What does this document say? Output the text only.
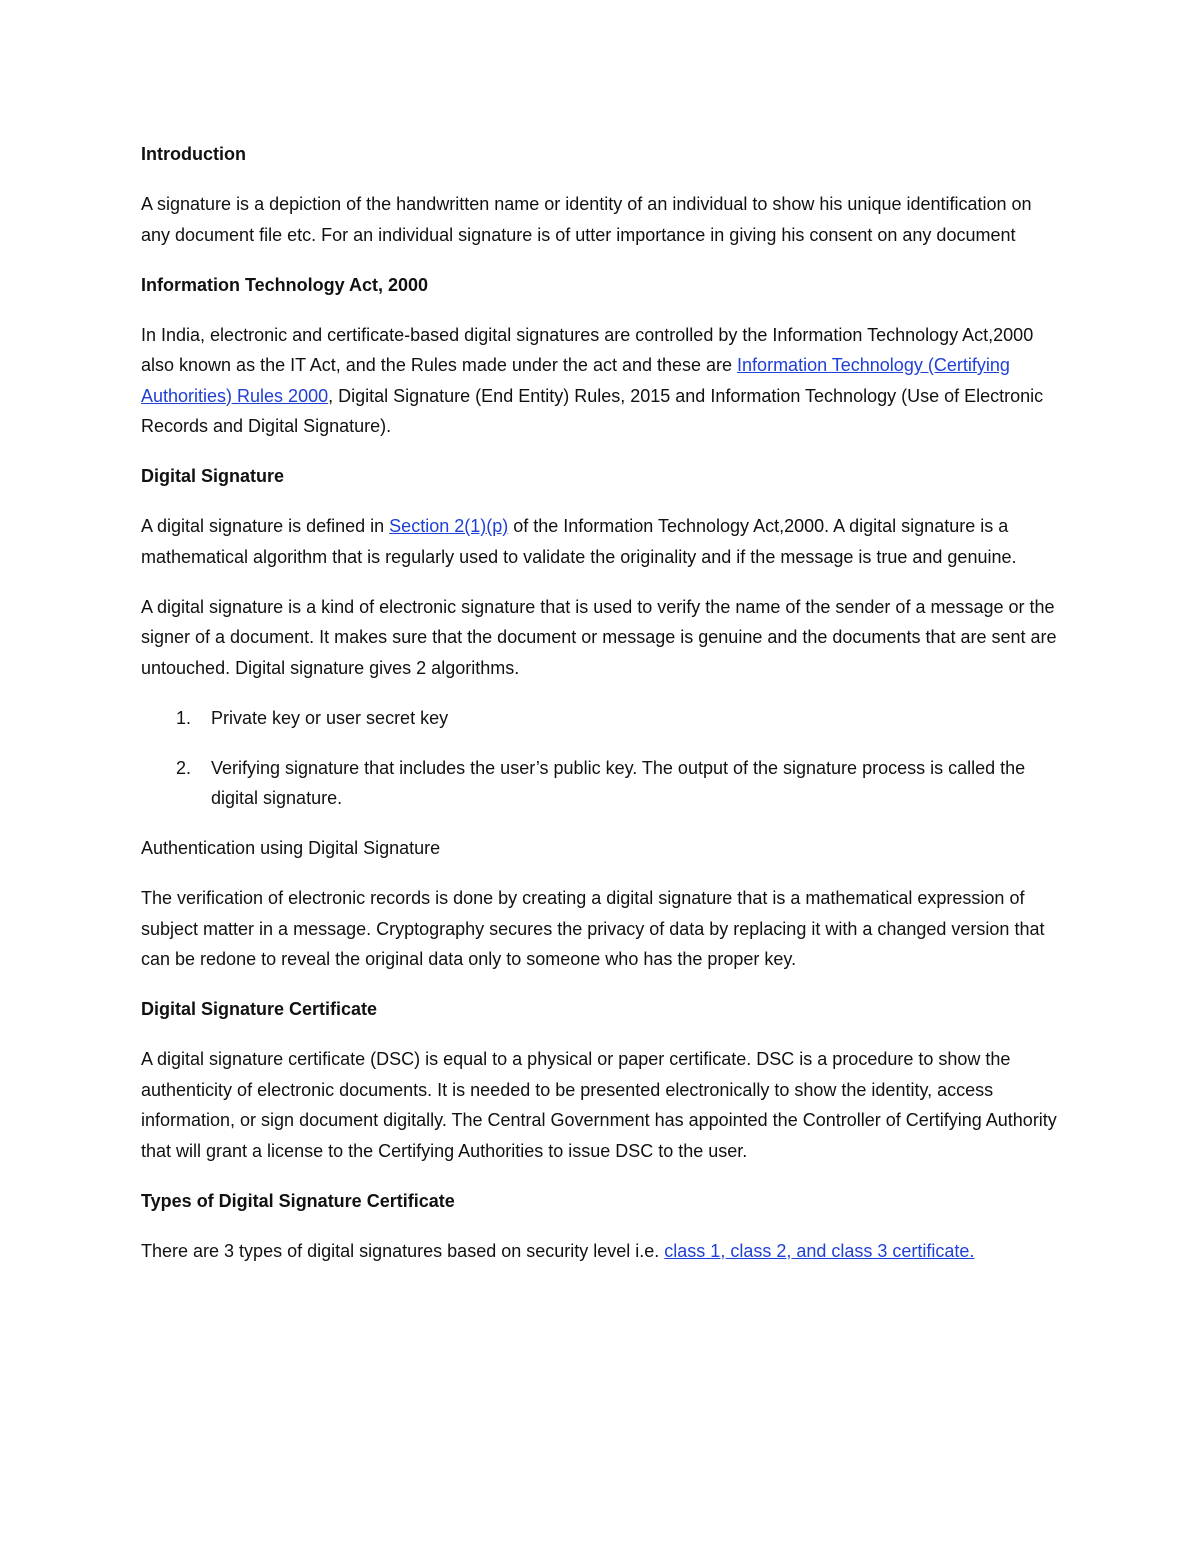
Introduction

A signature is a depiction of the handwritten name or identity of an individual to show his unique identification on any document file etc. For an individual signature is of utter importance in giving his consent on any document

Information Technology Act, 2000

In India, electronic and certificate-based digital signatures are controlled by the Information Technology Act,2000 also known as the IT Act, and the Rules made under the act and these are Information Technology (Certifying Authorities) Rules 2000, Digital Signature (End Entity) Rules, 2015 and Information Technology (Use of Electronic Records and Digital Signature).

Digital Signature

A digital signature is defined in Section 2(1)(p) of the Information Technology Act,2000. A digital signature is a mathematical algorithm that is regularly used to validate the originality and if the message is true and genuine.

A digital signature is a kind of electronic signature that is used to verify the name of the sender of a message or the signer of a document. It makes sure that the document or message is genuine and the documents that are sent are untouched. Digital signature gives 2 algorithms.

1. Private key or user secret key
2. Verifying signature that includes the user’s public key. The output of the signature process is called the digital signature.

Authentication using Digital Signature

The verification of electronic records is done by creating a digital signature that is a mathematical expression of subject matter in a message. Cryptography secures the privacy of data by replacing it with a changed version that can be redone to reveal the original data only to someone who has the proper key.

Digital Signature Certificate

A digital signature certificate (DSC) is equal to a physical or paper certificate. DSC is a procedure to show the authenticity of electronic documents. It is needed to be presented electronically to show the identity, access information, or sign document digitally. The Central Government has appointed the Controller of Certifying Authority that will grant a license to the Certifying Authorities to issue DSC to the user.

Types of Digital Signature Certificate

There are 3 types of digital signatures based on security level i.e. class 1, class 2, and class 3 certificate.
